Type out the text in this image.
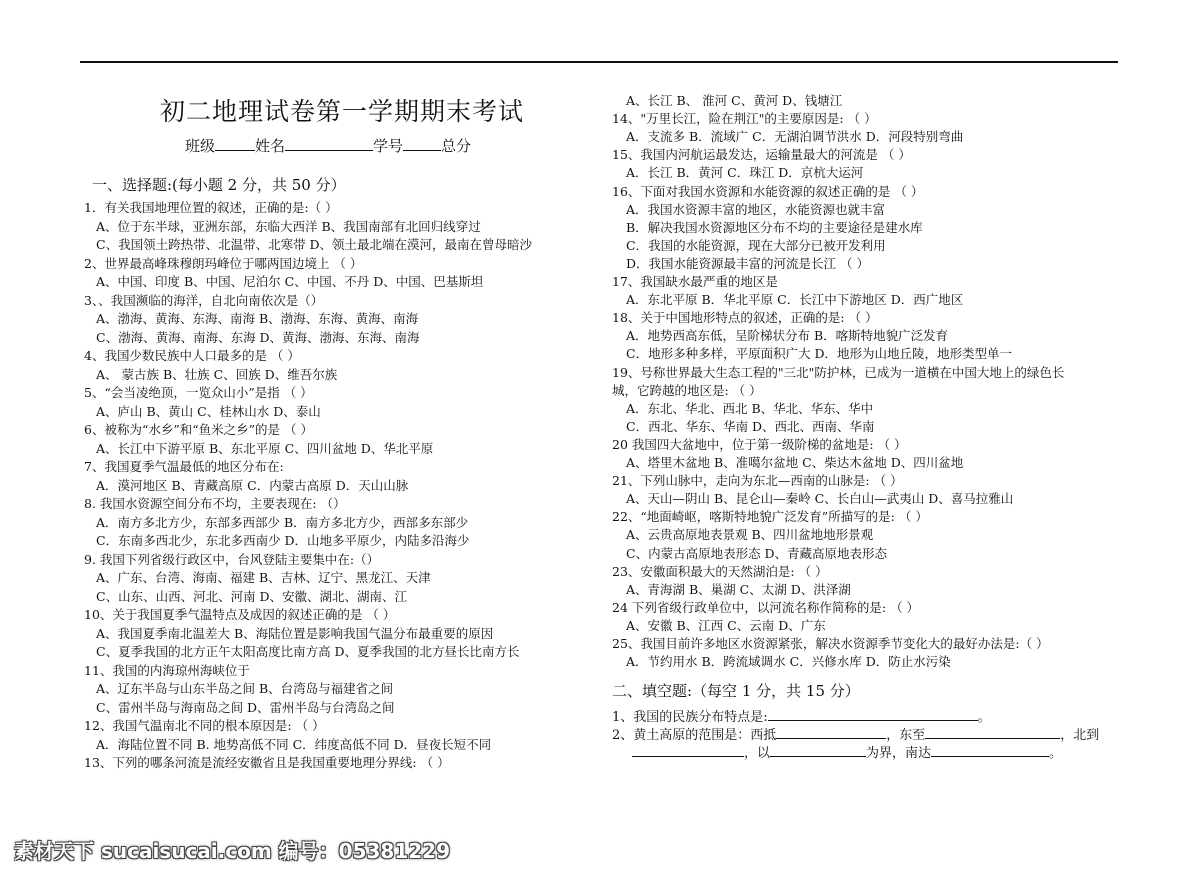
初二地理试卷第一学期期末考试
班级	姓名	学号	总分
一、选择题:(每小题 2 分，共 50 分）
1．有关我国地理位置的叙述，正确的是:（ ）
A、位于东半球，亚洲东部，东临大西洋 B、我国南部有北回归线穿过
C、我国领土跨热带、北温带、北寒带 D、领土最北端在漠河，最南在曾母暗沙
2、世界最高峰珠穆朗玛峰位于哪两国边境上 （ ）
A、中国、印度 B、中国、尼泊尔 C、中国、不丹 D、中国、巴基斯坦
3、、我国濒临的海洋，自北向南依次是（）
A、渤海、黄海、东海、南海 B、渤海、东海、黄海、南海
C、渤海、黄海、南海、东海 D、黄海、渤海、东海、南海
4、我国少数民族中人口最多的是 （ ）
A、 蒙古族 B、壮族 C、回族 D、维吾尔族
5、“会当凌绝顶，一览众山小”是指 （ ）
A、庐山 B、黄山 C、桂林山水 D、泰山
6、被称为“水乡”和“鱼米之乡”的是 （ ）
A、长江中下游平原 B、东北平原 C、四川盆地 D、华北平原
7、我国夏季气温最低的地区分布在:
A．漠河地区 B、青藏高原 C．内蒙古高原 D．天山山脉
8. 我国水资源空间分布不均，主要表现在: （）
A．南方多北方少，东部多西部少 B．南方多北方少，西部多东部少
C．东南多西北少，东北多西南少 D．山地多平原少，内陆多沿海少
9. 我国下列省级行政区中，台风登陆主要集中在:（）
A、广东、台湾、海南、福建 B、吉林、辽宁、黑龙江、天津
C、山东、山西、河北、河南 D、安徽、湖北、湖南、江
10、关于我国夏季气温特点及成因的叙述正确的是 （ ）
A、我国夏季南北温差大 B、海陆位置是影响我国气温分布最重要的原因
C、夏季我国的北方正午太阳高度比南方高 D、夏季我国的北方昼长比南方长
11、我国的内海琼州海峡位于
A、辽东半岛与山东半岛之间 B、台湾岛与福建省之间
C、雷州半岛与海南岛之间 D、雷州半岛与台湾岛之间
12、我国气温南北不同的根本原因是: （ ）
A．海陆位置不同 B. 地势高低不同 C．纬度高低不同 D．昼夜长短不同
13、下列的哪条河流是流经安徽省且是我国重要地理分界线: （ ）
A、长江 B、 淮河 C、黄河 D、钱塘江
14、"万里长江，险在荆江"的主要原因是: （ ）
A．支流多 B．流域广 C．无湖泊调节洪水 D．河段特别弯曲
15、我国内河航运最发达，运输量最大的河流是 （ ）
A．长江 B．黄河 C．珠江 D．京杭大运河
16、下面对我国水资源和水能资源的叙述正确的是 （ ）
A．我国水资源丰富的地区，水能资源也就丰富
B．解决我国水资源地区分布不均的主要途径是建水库
C．我国的水能资源，现在大部分已被开发利用
D．我国水能资源最丰富的河流是长江 （ ）
17、我国缺水最严重的地区是
A．东北平原 B．华北平原 C．长江中下游地区 D．西广地区
18、关于中国地形特点的叙述，正确的是: （ ）
A．地势西高东低，呈阶梯状分布 B．喀斯特地貌广泛发育
C．地形多种多样，平原面积广大 D．地形为山地丘陵，地形类型单一
19、号称世界最大生态工程的"三北"防护林，已成为一道横在中国大地上的绿色长
城，它跨越的地区是: （ ）
A．东北、华北、西北 B、华北、华东、华中
C．西北、华东、华南 D、西北、西南、华南
20 我国四大盆地中，位于第一级阶梯的盆地是: （ ）
A、塔里木盆地 B、准噶尔盆地 C、柴达木盆地 D、四川盆地
21、下列山脉中，走向为东北—西南的山脉是: （ ）
A、天山—阴山 B、昆仑山—秦岭 C、长白山—武夷山 D、喜马拉雅山
22、“地面崎岖，喀斯特地貌广泛发育”所描写的是: （ ）
A、云贵高原地表景观 B、四川盆地地形景观
C、内蒙古高原地表形态 D、青藏高原地表形态
23、安徽面积最大的天然湖泊是: （ ）
A、青海湖 B、巢湖 C、太湖 D、洪泽湖
24 下列省级行政单位中，以河流名称作简称的是: （ ）
A、安徽 B、江西 C、云南 D、广东
25、我国目前许多地区水资源紧张，解决水资源季节变化大的最好办法是:（ ）
A．节约用水 B．跨流域调水 C．兴修水库 D．防止水污染
二、填空题:（每空 1 分，共 15 分）
1、我国的民族分布特点是:	。
2、黄土高原的范围是：西抵	，东至	，北到
，以	为界，南达	。
素材天下 sucaisucai.com 编号：05381229
